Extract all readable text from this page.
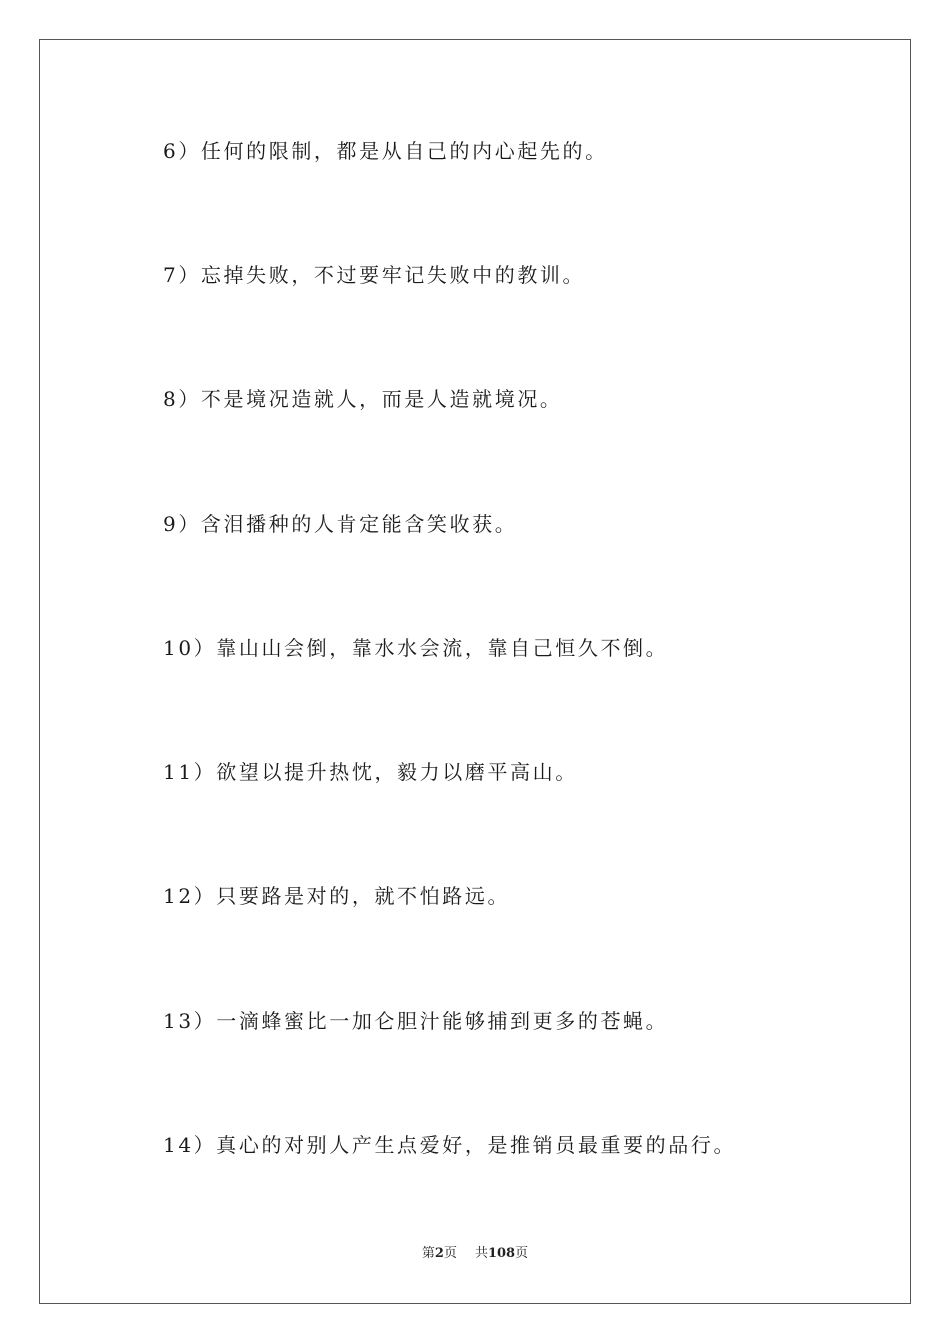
6）任何的限制，都是从自己的内心起先的。
7）忘掉失败，不过要牢记失败中的教训。
8）不是境况造就人，而是人造就境况。
9）含泪播种的人肯定能含笑收获。
10）靠山山会倒，靠水水会流，靠自己恒久不倒。
11）欲望以提升热忱，毅力以磨平高山。
12）只要路是对的，就不怕路远。
13）一滴蜂蜜比一加仑胆汁能够捕到更多的苍蝇。
14）真心的对别人产生点爱好，是推销员最重要的品行。
第2页 共108页
